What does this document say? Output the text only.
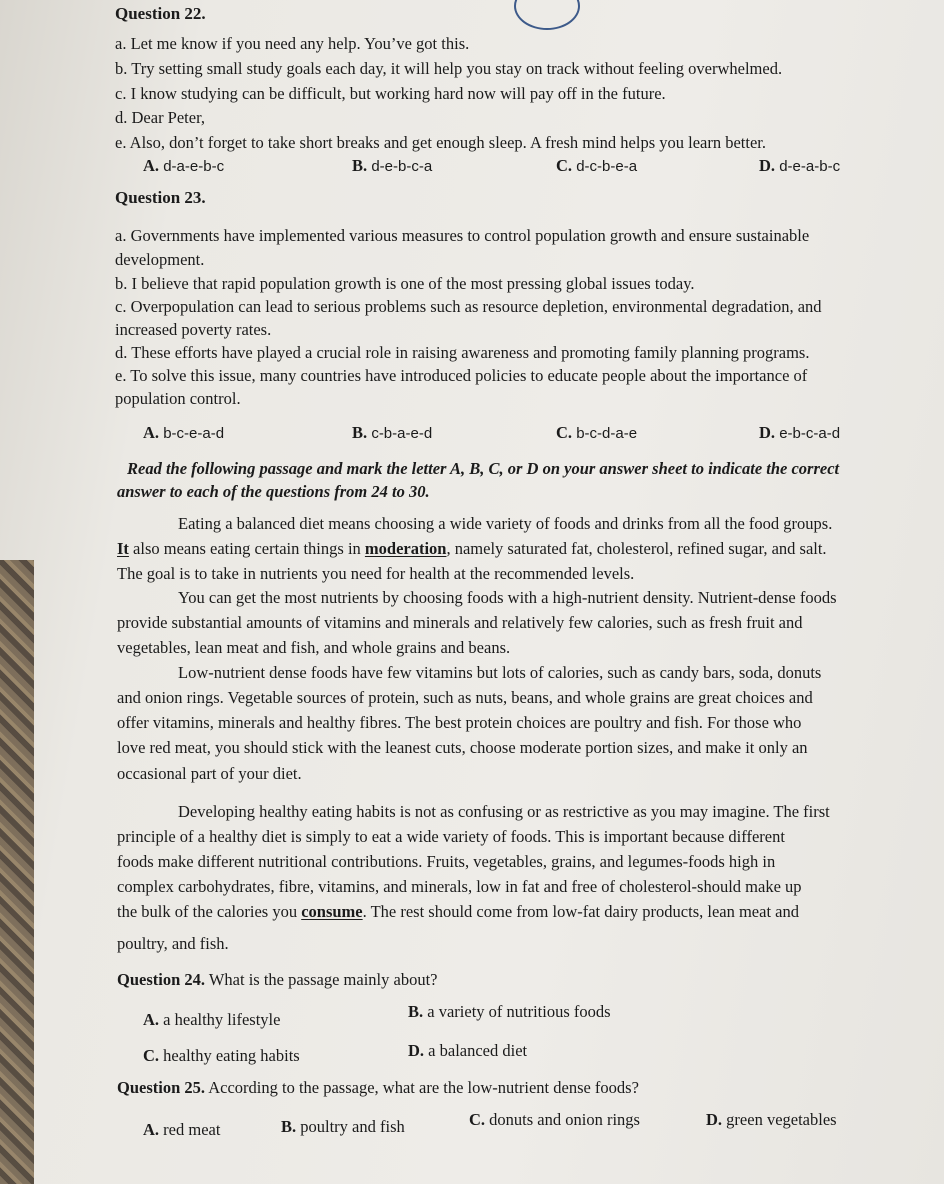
Question 22.
a. Let me know if you need any help. You’ve got this.
b. Try setting small study goals each day, it will help you stay on track without feeling overwhelmed.
c. I know studying can be difficult, but working hard now will pay off in the future.
d. Dear Peter,
e. Also, don’t forget to take short breaks and get enough sleep. A fresh mind helps you learn better.
A. d-a-e-b-c	B. d-e-b-c-a	C. d-c-b-e-a	D. d-e-a-b-c
Question 23.
a. Governments have implemented various measures to control population growth and ensure sustainable
development.
b. I believe that rapid population growth is one of the most pressing global issues today.
c. Overpopulation can lead to serious problems such as resource depletion, environmental degradation, and
increased poverty rates.
d. These efforts have played a crucial role in raising awareness and promoting family planning programs.
e. To solve this issue, many countries have introduced policies to educate people about the importance of
population control.
A. b-c-e-a-d	B. c-b-a-e-d	C. b-c-d-a-e	D. e-b-c-a-d
Read the following passage and mark the letter A, B, C, or D on your answer sheet to indicate the correct
answer to each of the questions from 24 to 30.
Eating a balanced diet means choosing a wide variety of foods and drinks from all the food groups.
It also means eating certain things in moderation, namely saturated fat, cholesterol, refined sugar, and salt.
The goal is to take in nutrients you need for health at the recommended levels.
You can get the most nutrients by choosing foods with a high-nutrient density. Nutrient-dense foods
provide substantial amounts of vitamins and minerals and relatively few calories, such as fresh fruit and
vegetables, lean meat and fish, and whole grains and beans.
Low-nutrient dense foods have few vitamins but lots of calories, such as candy bars, soda, donuts
and onion rings. Vegetable sources of protein, such as nuts, beans, and whole grains are great choices and
offer vitamins, minerals and healthy fibres. The best protein choices are poultry and fish. For those who
love red meat, you should stick with the leanest cuts, choose moderate portion sizes, and make it only an
occasional part of your diet.
Developing healthy eating habits is not as confusing or as restrictive as you may imagine. The first
principle of a healthy diet is simply to eat a wide variety of foods. This is important because different
foods make different nutritional contributions. Fruits, vegetables, grains, and legumes-foods high in
complex carbohydrates, fibre, vitamins, and minerals, low in fat and free of cholesterol-should make up
the bulk of the calories you consume. The rest should come from low-fat dairy products, lean meat and
poultry, and fish.
Question 24. What is the passage mainly about?
A. a healthy lifestyle	B. a variety of nutritious foods
C. healthy eating habits	D. a balanced diet
Question 25. According to the passage, what are the low-nutrient dense foods?
A. red meat	B. poultry and fish	C. donuts and onion rings	D. green vegetables
